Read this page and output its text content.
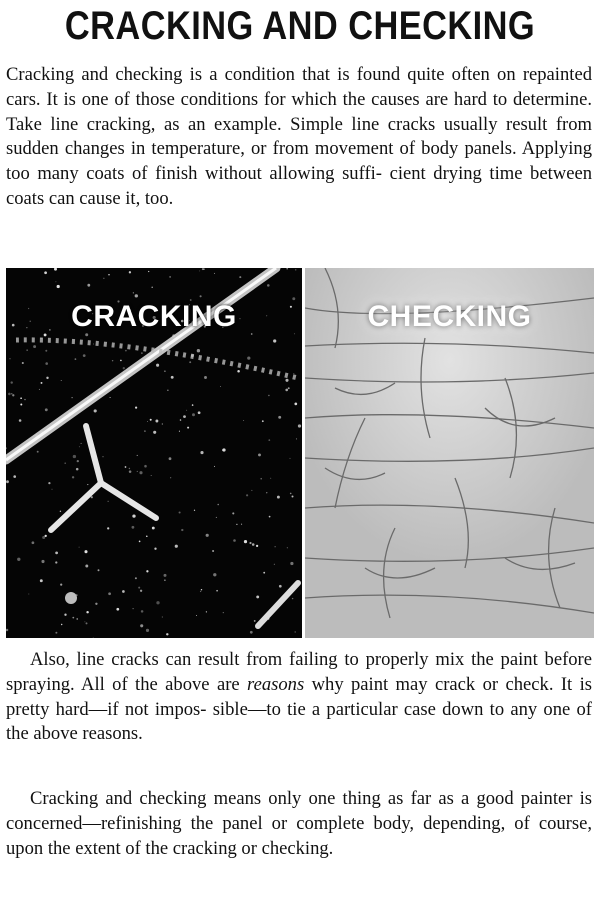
CRACKING AND CHECKING

Cracking and checking is a condition that is found quite often on repainted cars. It is one of those conditions for which the causes are hard to determine. Take line cracking, as an example. Simple line cracks usually result from sudden changes in temperature, or from movement of body panels. Applying too many coats of finish without allowing suffi- cient drying time between coats can cause it, too.

CRACKING	CHECKING

Also, line cracks can result from failing to properly mix the paint before spraying. All of the above are reasons why paint may crack or check. It is pretty hard—if not impos- sible—to tie a particular case down to any one of the above reasons.

Cracking and checking means only one thing as far as a good painter is concerned—refinishing the panel or complete body, depending, of course, upon the extent of the cracking or checking.
